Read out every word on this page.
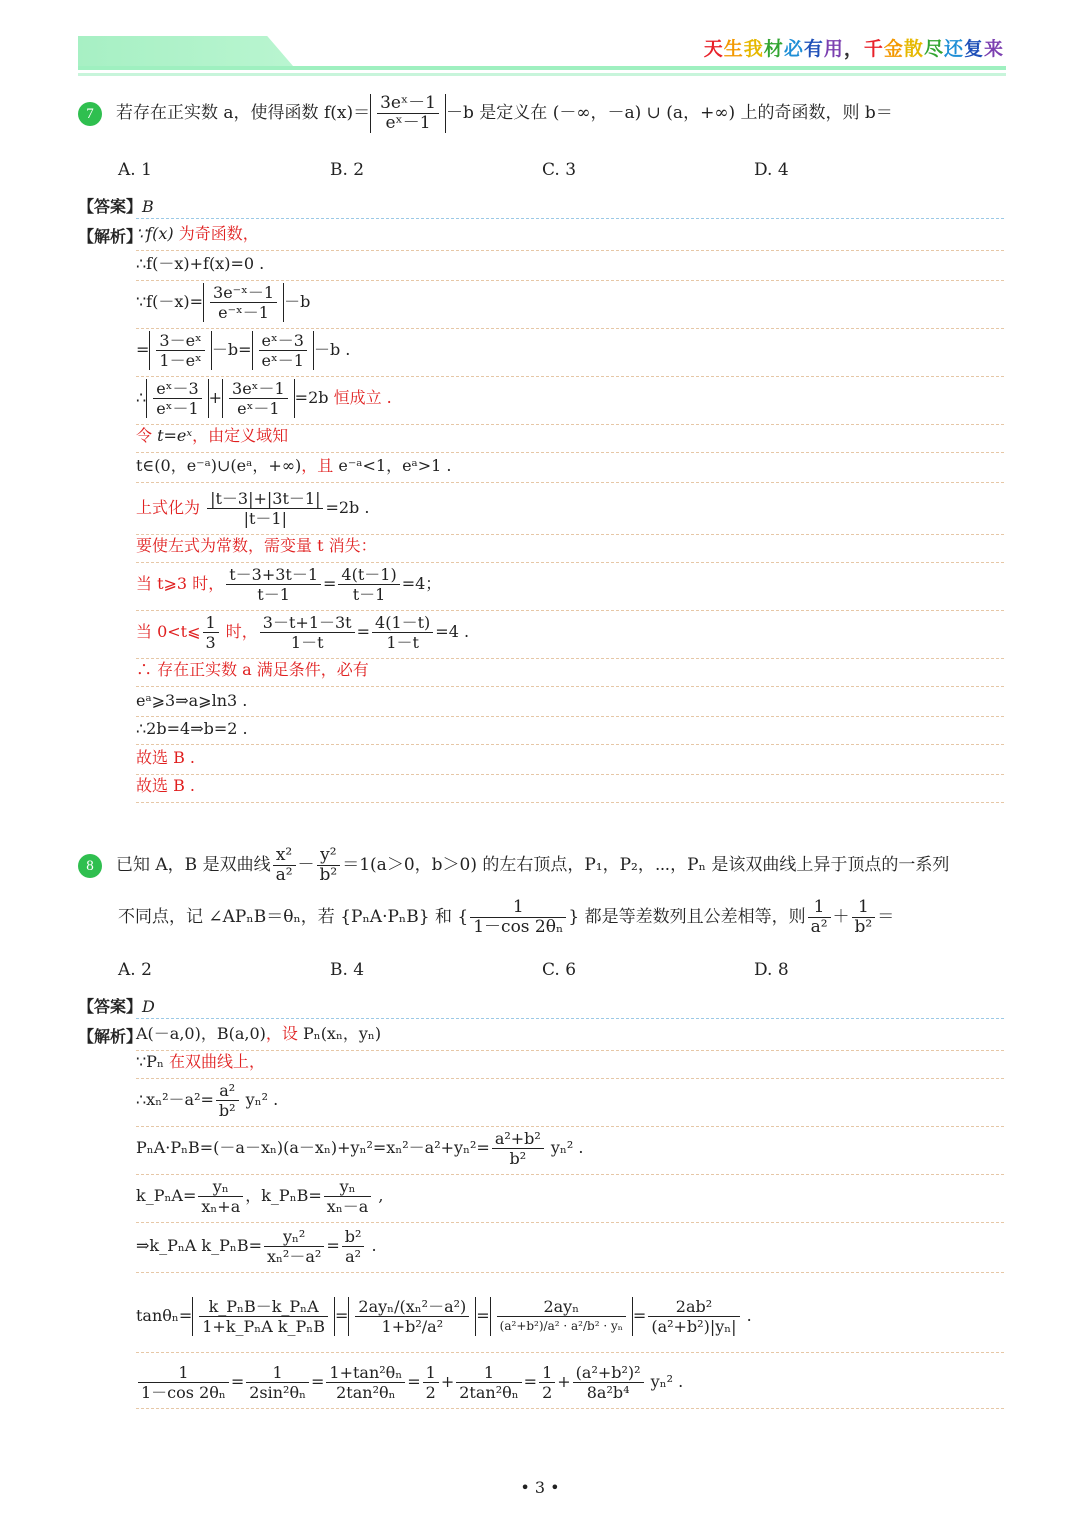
天生我材必有用，千金散尽还复来
7 若存在正实数 a，使得函数 $f(x)= \frac{\text{3eˣ－1}}{\text{eˣ－1}} -b$ 是定义在 (－∞，－a) ∪ (a，+∞) 上的奇函数，则 b＝
A. 1	B. 2	C. 3	D. 4
【答案】B
【解析】
∵f(x) 为奇函数，
∴f(－x)+f(x)=0 .
∵f(－x)= $\frac{\text{3e⁻ˣ－1}}{\text{e⁻ˣ－1}} -b$
= $\frac{\text{3－eˣ}}{\text{1－eˣ}} -b= \frac{\text{eˣ－3}}{\text{eˣ－1}} -b$ .
∴ $\frac{\text{eˣ－3}}{\text{eˣ－1}} + \frac{\text{3eˣ－1}}{\text{eˣ－1}} =2b$ 恒成立 .
令 t=eˣ，由定义域知
t∈(0，e⁻ᵃ)∪(eᵃ，+∞)，且 e⁻ᵃ<1，eᵃ>1 .
上式化为 $\frac{|t-3|+|3t-1|}{|t-1|} =2b$ .
要使左式为常数，需变量 t 消失：
当 t⩾3 时， $\frac{t-3+3t-1}{t-1} = \frac{4(t-1)}{t-1} =4$；
当 0<t⩽ $\frac{1}{3}$ 时， $\frac{3-t+1-3t}{1-t} = \frac{4(1-t)}{1-t} =4$ .
∴ 存在正实数 a 满足条件，必有
eᵃ⩾3⇒a⩾ln3 .
∴2b=4⇒b=2 .
故选 B .
故选 B .
8 已知 A，B 是双曲线 $\frac{\text{x²}}{\text{a²}} - \frac{\text{y²}}{\text{b²}} =1(a>0$，b＞0) 的左右顶点，P₁，P₂，⋯，Pₙ 是该双曲线上异于顶点的一系列
不同点，记 ∠APₙB＝θₙ，若 {PₙA·PₙB} 和 { $\frac{1}{\text{1－cos 2θₙ}}$ } 都是等差数列且公差相等，则 $\frac{1}{\text{a²}} + \frac{1}{\text{b²}}$ ＝
A. 2	B. 4	C. 6	D. 8
【答案】D
【解析】
A(－a,0)，B(a,0)，设 Pₙ(xₙ，yₙ)
∵Pₙ 在双曲线上，
∴xₙ²－a²= $\frac{\text{a²}}{\text{b²}} y_n^2$ .
$P_nA\cdot P_nB=(-a-x_n)(a-x_n)+y_n^2=x_n^2-a^2+y_n^2= \frac{\text{a²+b²}}{\text{b²}} y_n^2$ .
k_PₙA= $\frac{\text{yₙ}}{\text{xₙ+a}}$ ，k_PₙB= $\frac{\text{yₙ}}{\text{xₙ－a}}$ ,
⇒k_PₙA k_PₙB= $\frac{\text{yₙ²}}{\text{xₙ²－a²}} = \frac{\text{b²}}{\text{a²}}$ .
$\tan\theta_n= \frac{\text{k\_PₙB－k\_PₙA}}{\text{1+k\_PₙA k\_PₙB}} = \frac{\text{2ayₙ/(xₙ²－a²)}}{\text{1+b²/a²}} = \frac{\text{2ayₙ}}{\text{(a²+b²)/a² · a²/b² · yₙ}} = \frac{\text{2ab²}}{\text{(a²+b²)|yₙ|}}$ .
$\frac{1}{\text{1－cos 2θₙ}} = \frac{1}{\text{2sin²θₙ}} = \frac{\text{1+tan²θₙ}}{\text{2tan²θₙ}} = \frac{1}{2} + \frac{1}{\text{2tan²θₙ}} = \frac{1}{2} + \frac{\text{(a²+b²)²}}{\text{8a²b⁴}} y_n^2$ .
• 3 •
